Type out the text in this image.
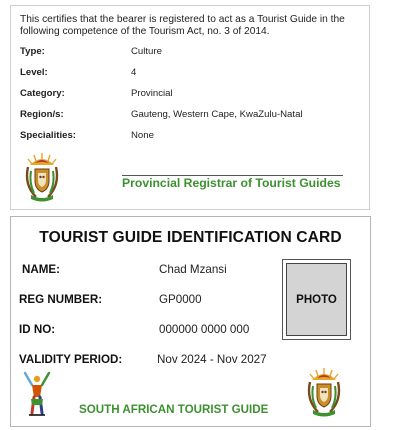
This certifies that the bearer is registered to act as a Tourist Guide in the following competence of the Tourism Act, no. 3 of 2014.
Type:	Culture
Level:	4
Category:	Provincial
Region/s:	Gauteng, Western Cape, KwaZulu-Natal
Specialities:	None
Provincial Registrar of Tourist Guides
TOURIST GUIDE IDENTIFICATION CARD
NAME:	Chad Mzansi
REG NUMBER:	GP0000
ID NO:	000000 0000 000
VALIDITY PERIOD:	Nov 2024 - Nov 2027
PHOTO
SOUTH AFRICAN TOURIST GUIDE
